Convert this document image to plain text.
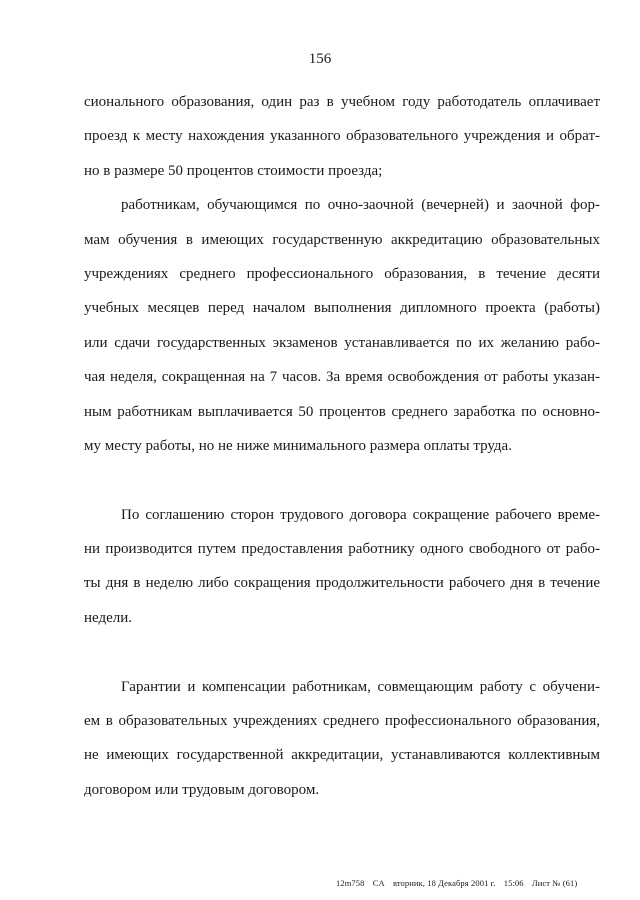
156
сионального образования, один раз в учебном году работодатель оплачивает
проезд к месту нахождения указанного образовательного учреждения и обрат-
но в размере 50 процентов стоимости проезда;
работникам, обучающимся по очно-заочной (вечерней) и заочной фор-
мам обучения в имеющих государственную аккредитацию образовательных
учреждениях среднего профессионального образования, в течение десяти
учебных месяцев перед началом выполнения дипломного проекта (работы)
или сдачи государственных экзаменов устанавливается по их желанию рабо-
чая неделя, сокращенная на 7 часов. За время освобождения от работы указан-
ным работникам выплачивается 50 процентов среднего заработка по основно-
му месту работы, но не ниже минимального размера оплаты труда.
По соглашению сторон трудового договора сокращение рабочего време-
ни производится путем предоставления работнику одного свободного от рабо-
ты дня в неделю либо сокращения продолжительности рабочего дня в течение
недели.
Гарантии и компенсации работникам, совмещающим работу с обучени-
ем в образовательных учреждениях среднего профессионального образования,
не имеющих государственной аккредитации, устанавливаются коллективным
договором или трудовым договором.
12m758 CA вторник, 18 Декабря 2001 г. 15:06 Лист № (61)
